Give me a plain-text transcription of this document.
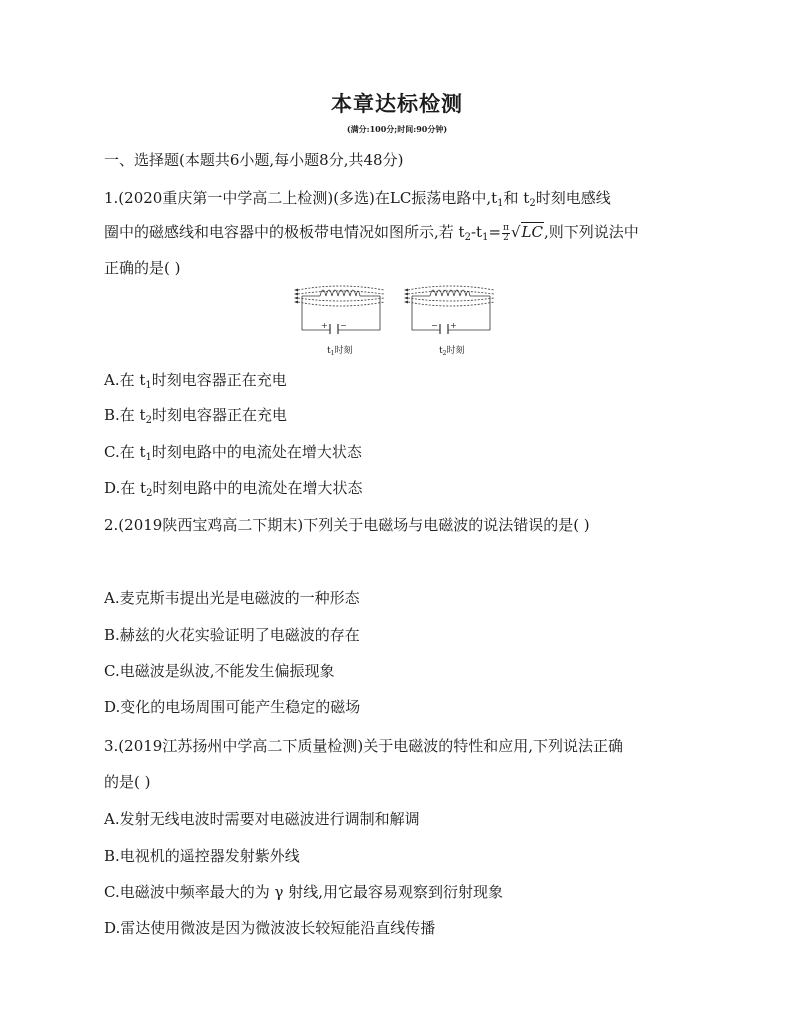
本章达标检测
(满分:100分;时间:90分钟)
一、选择题(本题共6小题,每小题8分,共48分)
1.(2020重庆第一中学高二上检测)(多选)在LC振荡电路中$,t_1$和 $t_2$时刻电感线
圈中的磁感线和电容器中的极板带电情况如图所示,若 $t_2-t_1= \frac{\pi}{2} √LC$,则下列说法中
正确的是( )
+ −
$t_1$时刻
− +
$t_2$时刻
A.在 $t_1$时刻电容器正在充电
B.在 $t_2$时刻电容器正在充电
C.在 $t_1$时刻电路中的电流处在增大状态
D.在 $t_2$时刻电路中的电流处在增大状态
2.(2019陕西宝鸡高二下期末)下列关于电磁场与电磁波的说法错误的是( )
A.麦克斯韦提出光是电磁波的一种形态
B.赫兹的火花实验证明了电磁波的存在
C.电磁波是纵波,不能发生偏振现象
D.变化的电场周围可能产生稳定的磁场
3.(2019江苏扬州中学高二下质量检测)关于电磁波的特性和应用,下列说法正确
的是( )
A.发射无线电波时需要对电磁波进行调制和解调
B.电视机的遥控器发射紫外线
C.电磁波中频率最大的为 γ 射线,用它最容易观察到衍射现象
D.雷达使用微波是因为微波波长较短能沿直线传播
